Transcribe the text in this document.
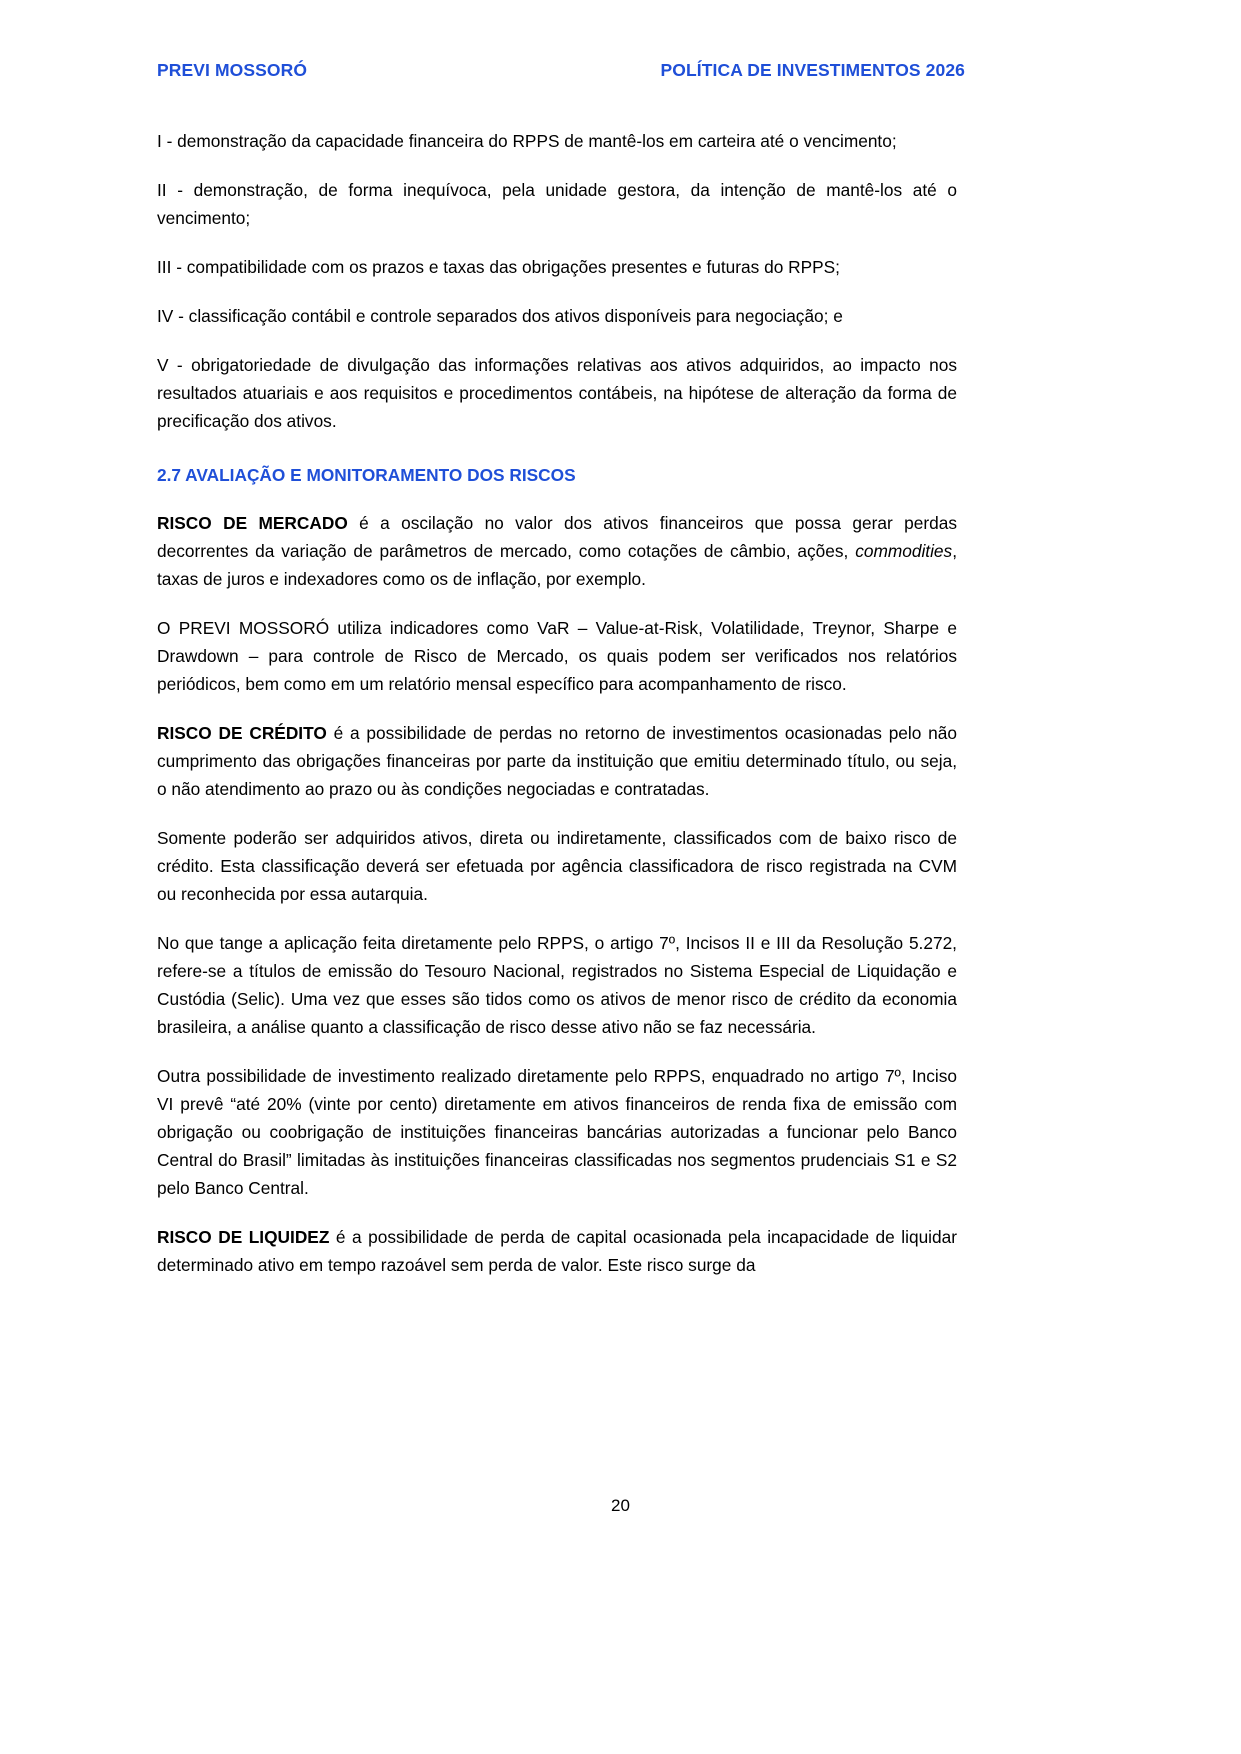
PREVI MOSSORÓ	POLÍTICA DE INVESTIMENTOS 2026

I - demonstração da capacidade financeira do RPPS de mantê-los em carteira até o vencimento;

II - demonstração, de forma inequívoca, pela unidade gestora, da intenção de mantê-los até o vencimento;

III - compatibilidade com os prazos e taxas das obrigações presentes e futuras do RPPS;

IV - classificação contábil e controle separados dos ativos disponíveis para negociação; e

V - obrigatoriedade de divulgação das informações relativas aos ativos adquiridos, ao impacto nos resultados atuariais e aos requisitos e procedimentos contábeis, na hipótese de alteração da forma de precificação dos ativos.

2.7 AVALIAÇÃO E MONITORAMENTO DOS RISCOS

RISCO DE MERCADO é a oscilação no valor dos ativos financeiros que possa gerar perdas decorrentes da variação de parâmetros de mercado, como cotações de câmbio, ações, commodities, taxas de juros e indexadores como os de inflação, por exemplo.

O PREVI MOSSORÓ utiliza indicadores como VaR – Value-at-Risk, Volatilidade, Treynor, Sharpe e Drawdown – para controle de Risco de Mercado, os quais podem ser verificados nos relatórios periódicos, bem como em um relatório mensal específico para acompanhamento de risco.

RISCO DE CRÉDITO é a possibilidade de perdas no retorno de investimentos ocasionadas pelo não cumprimento das obrigações financeiras por parte da instituição que emitiu determinado título, ou seja, o não atendimento ao prazo ou às condições negociadas e contratadas.

Somente poderão ser adquiridos ativos, direta ou indiretamente, classificados com de baixo risco de crédito. Esta classificação deverá ser efetuada por agência classificadora de risco registrada na CVM ou reconhecida por essa autarquia.

No que tange a aplicação feita diretamente pelo RPPS, o artigo 7º, Incisos II e III da Resolução 5.272, refere-se a títulos de emissão do Tesouro Nacional, registrados no Sistema Especial de Liquidação e Custódia (Selic). Uma vez que esses são tidos como os ativos de menor risco de crédito da economia brasileira, a análise quanto a classificação de risco desse ativo não se faz necessária.

Outra possibilidade de investimento realizado diretamente pelo RPPS, enquadrado no artigo 7º, Inciso VI prevê “até 20% (vinte por cento) diretamente em ativos financeiros de renda fixa de emissão com obrigação ou coobrigação de instituições financeiras bancárias autorizadas a funcionar pelo Banco Central do Brasil” limitadas às instituições financeiras classificadas nos segmentos prudenciais S1 e S2 pelo Banco Central.

RISCO DE LIQUIDEZ é a possibilidade de perda de capital ocasionada pela incapacidade de liquidar determinado ativo em tempo razoável sem perda de valor. Este risco surge da

20
